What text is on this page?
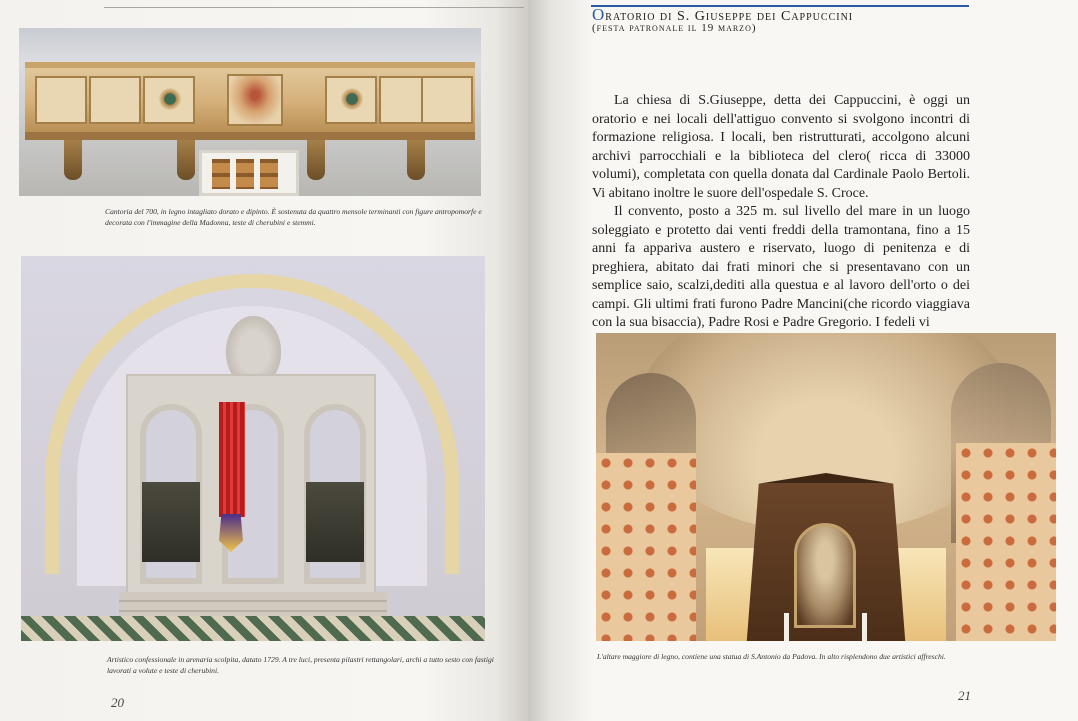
Cantoria del 700, in legno intagliato dorato e dipinto. È sostenuta da quattro mensole terminanti con figure antropomorfe e decorata con l'immagine della Madonna, teste di cherubini e stemmi.

Artistico confessionale in arenaria scolpita, datato 1729. A tre luci, presenta pilastri rettangolari, archi a tutto sesto con fastigi lavorati a volute e teste di cherubini.

20
Oratorio di S. Giuseppe dei Cappuccini
(festa patronale il 19 marzo)

La chiesa di S.Giuseppe, detta dei Cappuccini, è oggi un oratorio e nei locali dell'attiguo convento si svolgono incontri di formazione religiosa. I locali, ben ristrutturati, accolgono alcuni archivi parrocchiali e la biblioteca del clero( ricca di 33000 volumi), completata con quella donata dal Cardinale Paolo Bertoli. Vi abitano inoltre le suore dell'ospedale S. Croce.

Il convento, posto a 325 m. sul livello del mare in un luogo soleggiato e protetto dai venti freddi della tramontana, fino a 15 anni fa appariva austero e riservato, luogo di penitenza e di preghiera, abitato dai frati minori che si presentavano con un semplice saio, scalzi,dediti alla questua e al lavoro dell'orto o dei campi. Gli ultimi frati furono Padre Mancini(che ricordo viaggiava con la sua bisaccia), Padre Rosi e Padre Gregorio. I fedeli vi

L'altare maggiore di legno, contiene una statua di S.Antonio da Padova. In alto risplendono due artistici affreschi.

21
